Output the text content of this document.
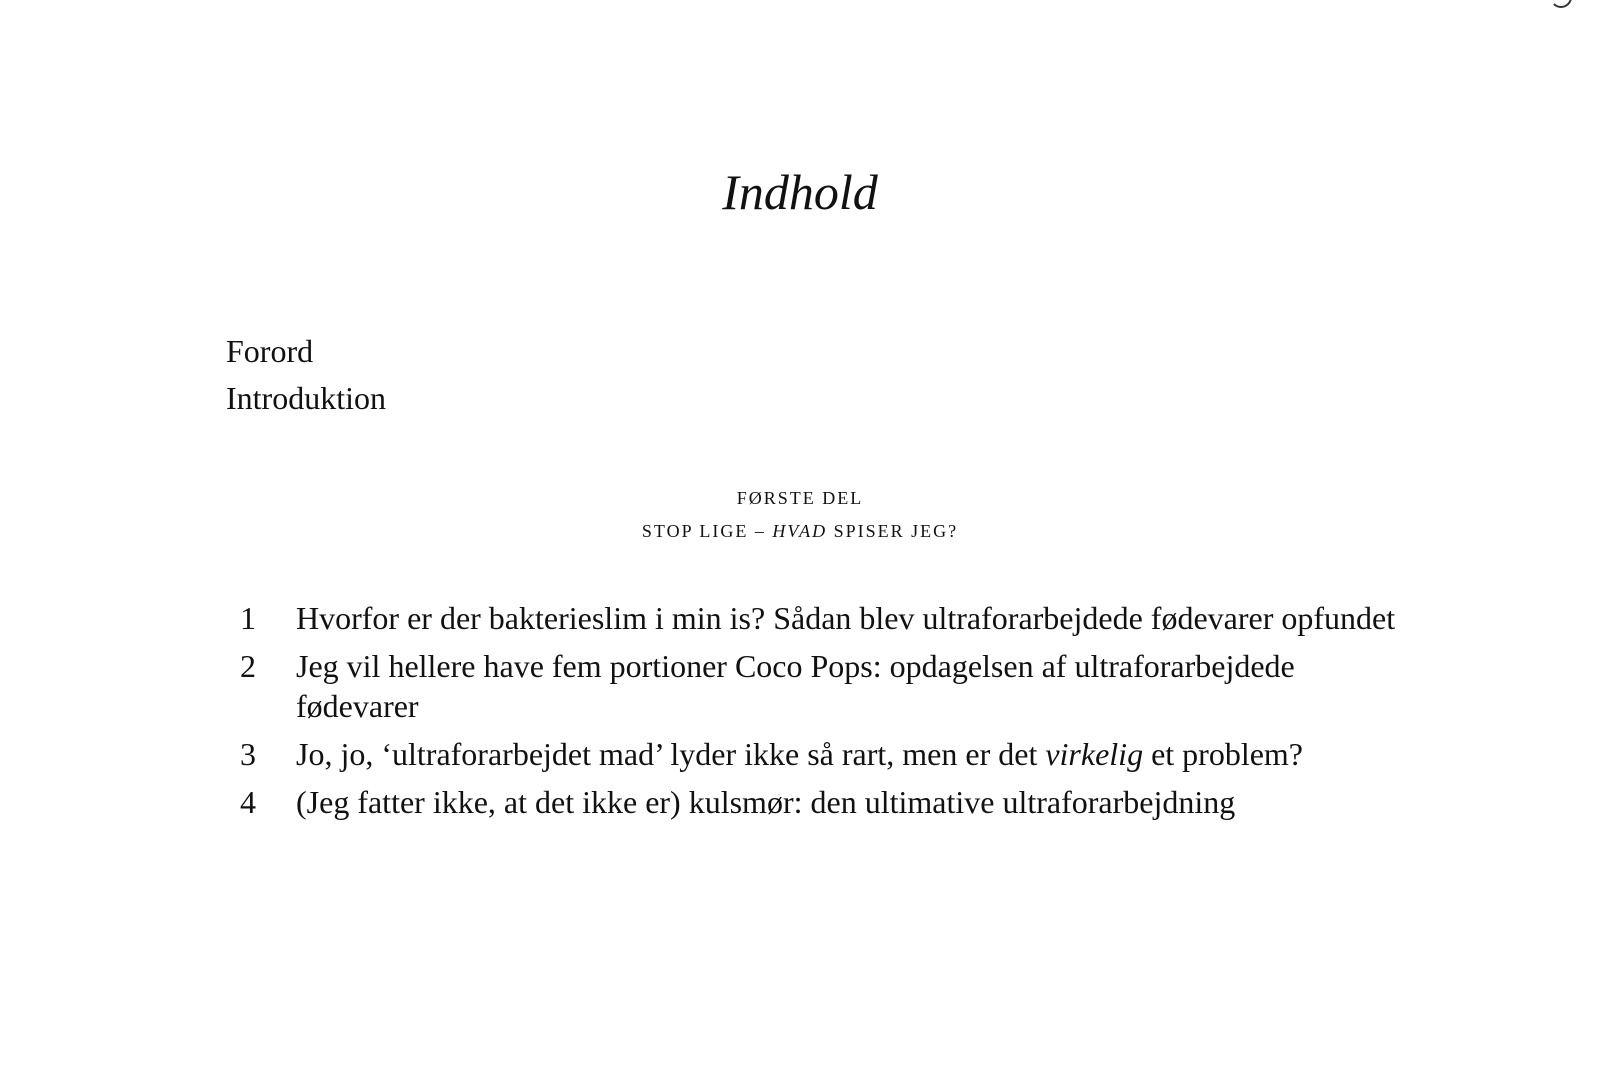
Indhold
Forord
Introduktion
FØRSTE DEL
STOP LIGE – HVAD SPISER JEG?
1	Hvorfor er der bakterieslim i min is? Sådan blev ultraforarbejdede fødevarer opfundet
2	Jeg vil hellere have fem portioner Coco Pops: opdagelsen af ultraforarbejdede fødevarer
3	Jo, jo, ‘ultraforarbejdet mad’ lyder ikke så rart, men er det virkelig et problem?
4	(Jeg fatter ikke, at det ikke er) kulsmør: den ultimative ultraforarbejdning
